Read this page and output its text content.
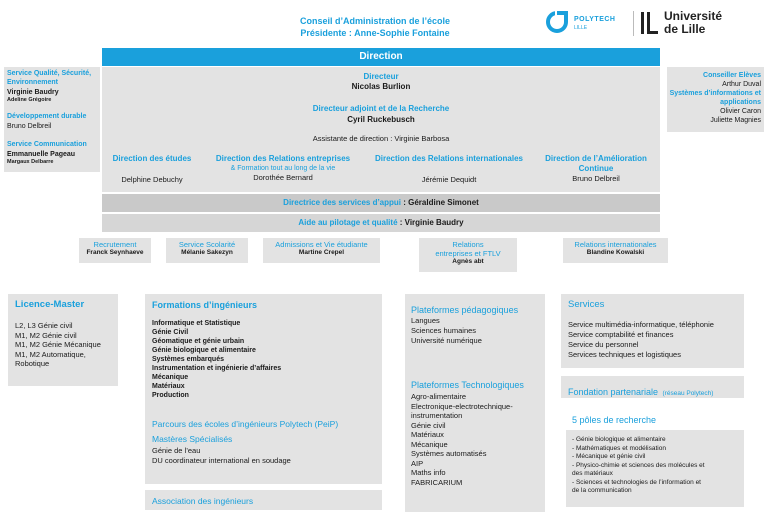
Conseil d’Administration de l’école
Présidente : Anne-Sophie Fontaine
POLYTECH
LILLE
Université
de Lille
Service Qualité, Sécurité, Environnement
Virginie Baudry
Adeline Grégoire
Développement durable
Bruno Delbreil
Service Communication
Emmanuelle Pageau
Margaux Delbarre
Conseiller Elèves
Arthur Duval
Systèmes d’informations et applications
Olivier Caron
Juliette Magnies
Direction
Directeur
Nicolas Burlion
Directeur adjoint et de la Recherche
Cyril Ruckebusch
Assistante de direction : Virginie Barbosa
Direction des études
Delphine Debuchy
Direction des Relations entreprises
& Formation tout au long de la vie
Dorothée Bernard
Direction des Relations internationales
Jérémie Dequidt
Direction de l’Amélioration Continue
Bruno Delbreil
Directrice des services d’appui : Géraldine Simonet
Aide au pilotage et qualité : Virginie Baudry
Recrutement
Franck Seynhaeve
Service Scolarité
Mélanie Sakezyn
Admissions et Vie étudiante
Martine Crepel
Relations entreprises et FTLV
Agnès abt
Relations internationales
Blandine Kowalski
Licence-Master
L2, L3 Génie civil
M1, M2 Génie civil
M1, M2 Génie Mécanique
M1, M2 Automatique,
Robotique
Formations d’ingénieurs
Informatique et Statistique
Génie Civil
Géomatique et génie urbain
Génie biologique et alimentaire
Systèmes embarqués
Instrumentation et ingénierie d’affaires
Mécanique
Matériaux
Production
Parcours des écoles d’ingénieurs Polytech (PeiP)
Mastères Spécialisés
Génie de l’eau
DU coordinateur international en soudage
Association des ingénieurs
Plateformes pédagogiques
Langues
Sciences humaines
Université numérique
Plateformes Technologiques
Agro-alimentaire
Electronique-electrotechnique-
instrumentation
Génie civil
Matériaux
Mécanique
Systèmes automatisés
AIP
Maths info
FABRICARIUM
Services
Service multimédia-informatique, téléphonie
Service comptabilité et finances
Service du personnel
Services techniques et logistiques
Fondation partenariale (réseau Polytech)
5 pôles de recherche
- Génie biologique et alimentaire
- Mathématiques et modélisation
- Mécanique et génie civil
- Physico-chimie et sciences des molécules et
des matériaux
- Sciences et technologies de l’information et
de la communication
